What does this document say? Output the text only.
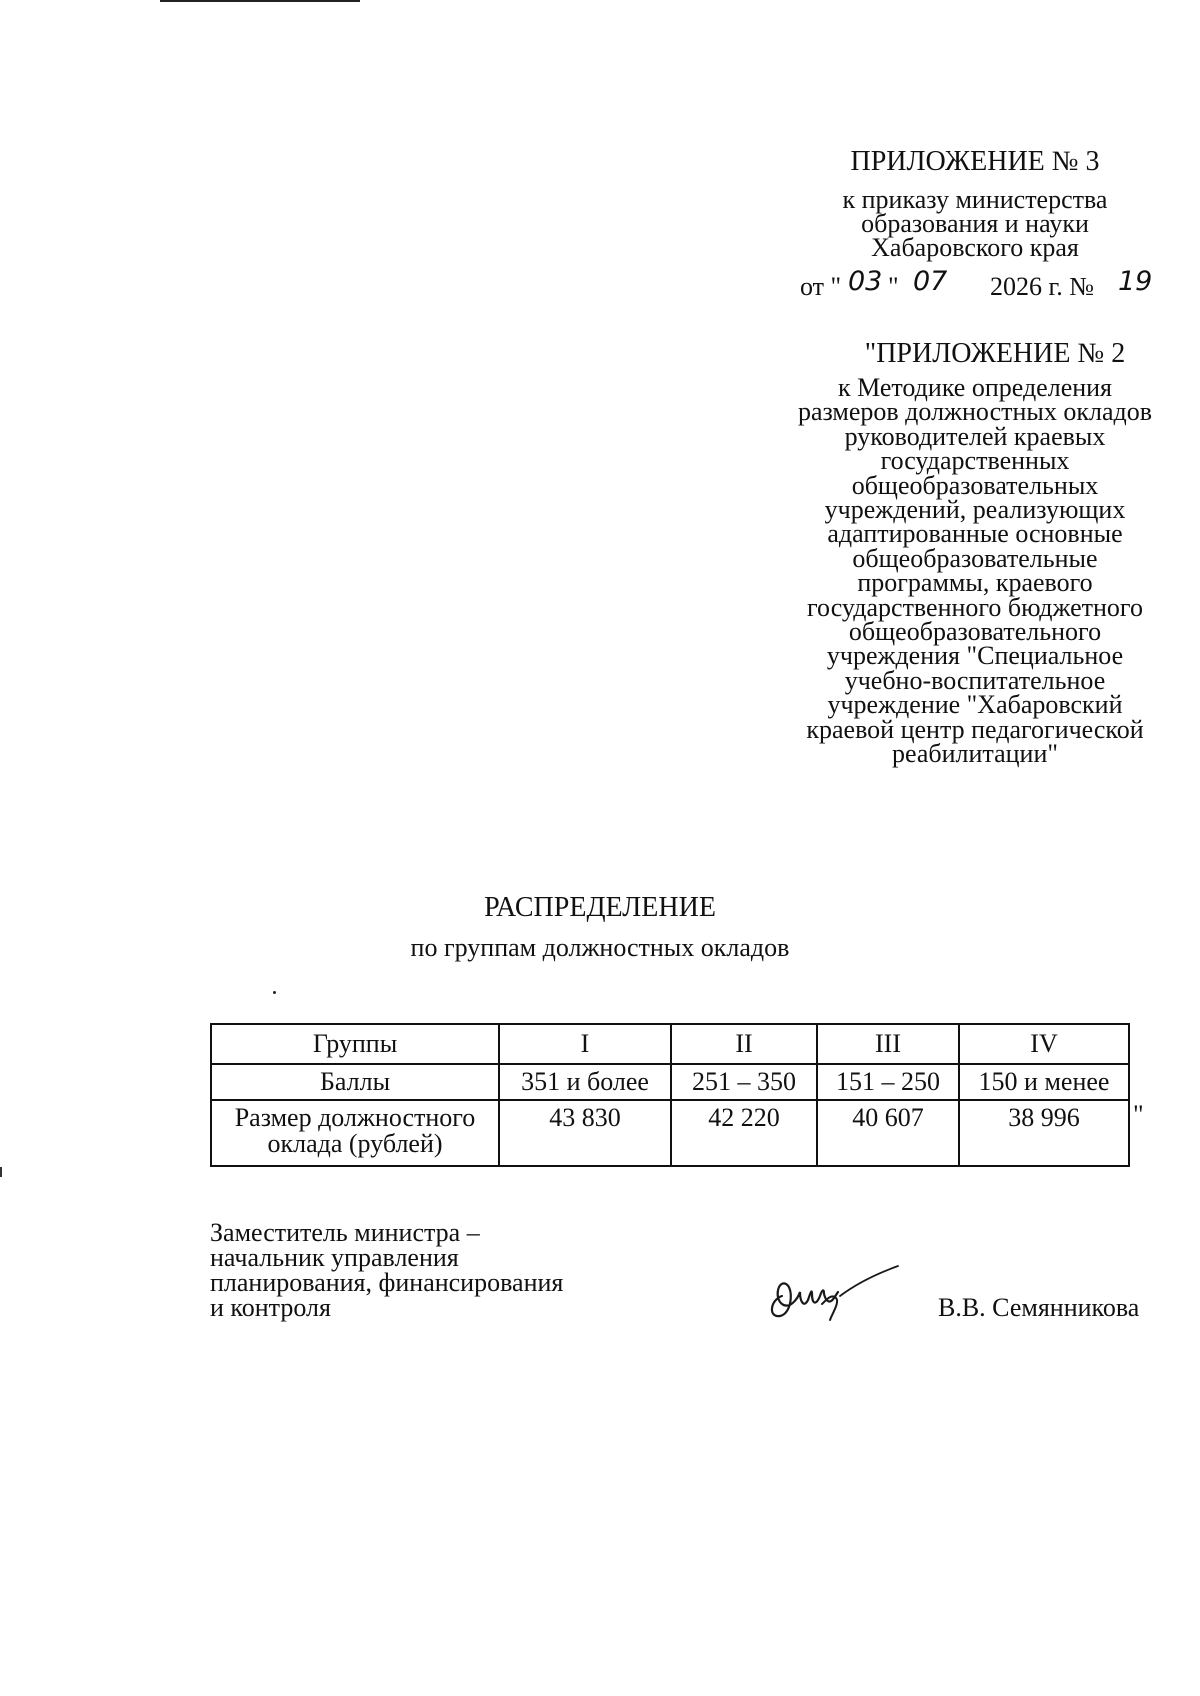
ПРИЛОЖЕНИЕ № 3
к приказу министерства
образования и науки
Хабаровского края
от " 03 " 07 2026 г. № 19
"ПРИЛОЖЕНИЕ № 2
к Методике определения
размеров должностных окладов
руководителей краевых
государственных
общеобразовательных
учреждений, реализующих
адаптированные основные
общеобразовательные
программы, краевого
государственного бюджетного
общеобразовательного
учреждения "Специальное
учебно-воспитательное
учреждение "Хабаровский
краевой центр педагогической
реабилитации"
РАСПРЕДЕЛЕНИЕ
по группам должностных окладов
Группы	I	II	III	IV
Баллы	351 и более	251 – 350	151 – 250	150 и менее

Размер должностного
оклада (рублей)	43 830	42 220	40 607	38 996 "
Заместитель министра –
начальник управления
планирования, финансирования
и контроля	В.В. Семянникова
